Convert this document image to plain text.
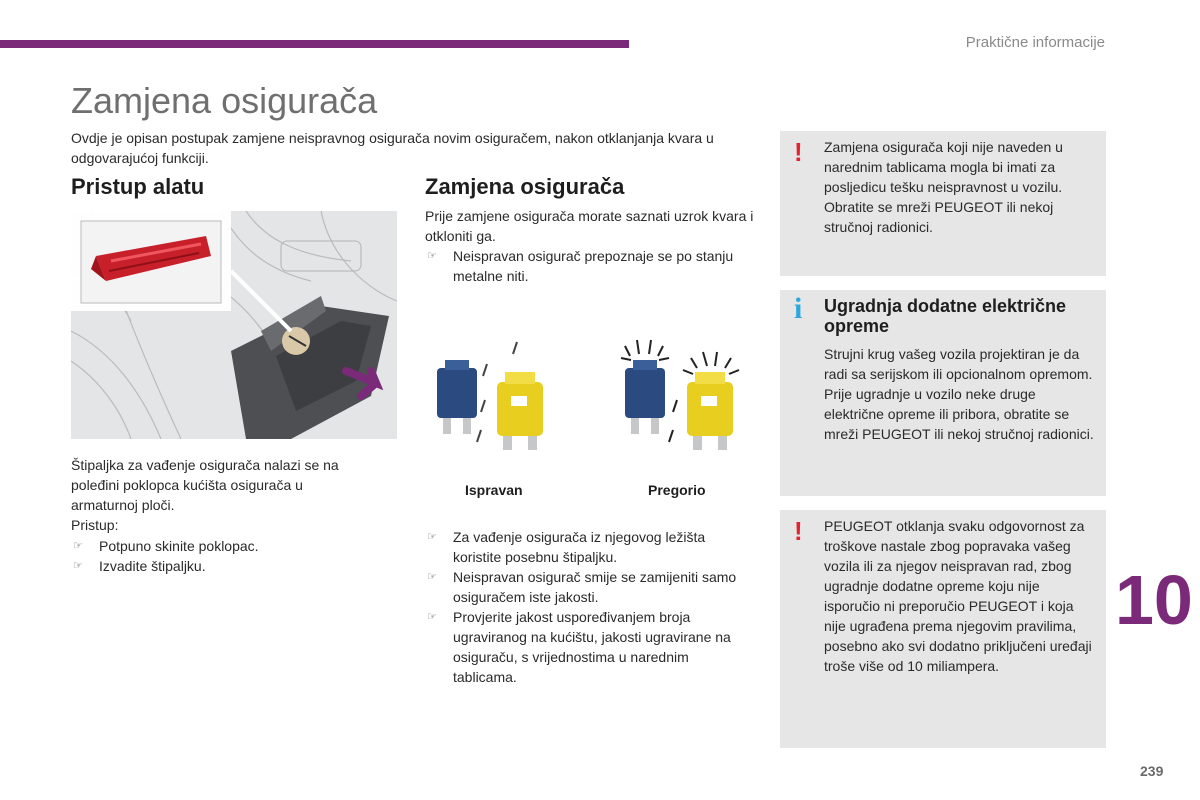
Praktične informacije
Zamjena osigurača

Ovdje je opisan postupak zamjene neispravnog osigurača novim osiguračem, nakon otklanjanja kvara u odgovarajućoj funkciji.

Pristup alatu

Štipaljka za vađenje osigurača nalazi se na poleđini poklopca kućišta osigurača u armaturnoj ploči.
Pristup:

☞ Potpuno skinite poklopac.
☞ Izvadite štipaljku.
Zamjena osigurača

Prije zamjene osigurača morate saznati uzrok kvara i otkloniti ga.

☞ Neispravan osigurač prepoznaje se po stanju metalne niti.
Ispravan	Pregorio
☞ Za vađenje osigurača iz njegovog ležišta koristite posebnu štipaljku.
☞ Neispravan osigurač smije se zamijeniti samo osiguračem iste jakosti.
☞ Provjerite jakost uspoređivanjem broja ugraviranog na kućištu, jakosti ugravirane na osiguraču, s vrijednostima u narednim tablicama.
! Zamjena osigurača koji nije naveden u narednim tablicama mogla bi imati za posljedicu tešku neispravnost u vozilu. Obratite se mreži PEUGEOT ili nekoj stručnoj radionici.

i Ugradnja dodatne električne opreme

Strujni krug vašeg vozila projektiran je da radi sa serijskom ili opcionalnom opremom. Prije ugradnje u vozilo neke druge električne opreme ili pribora, obratite se mreži PEUGEOT ili nekoj stručnoj radionici.

! PEUGEOT otklanja svaku odgovornost za troškove nastale zbog popravaka vašeg vozila ili za njegov neispravan rad, zbog ugradnje dodatne opreme koju nije isporučio ni preporučio PEUGEOT i koja nije ugrađena prema njegovim pravilima, posebno ako svi dodatno priključeni uređaji troše više od 10 miliampera.

10
239
